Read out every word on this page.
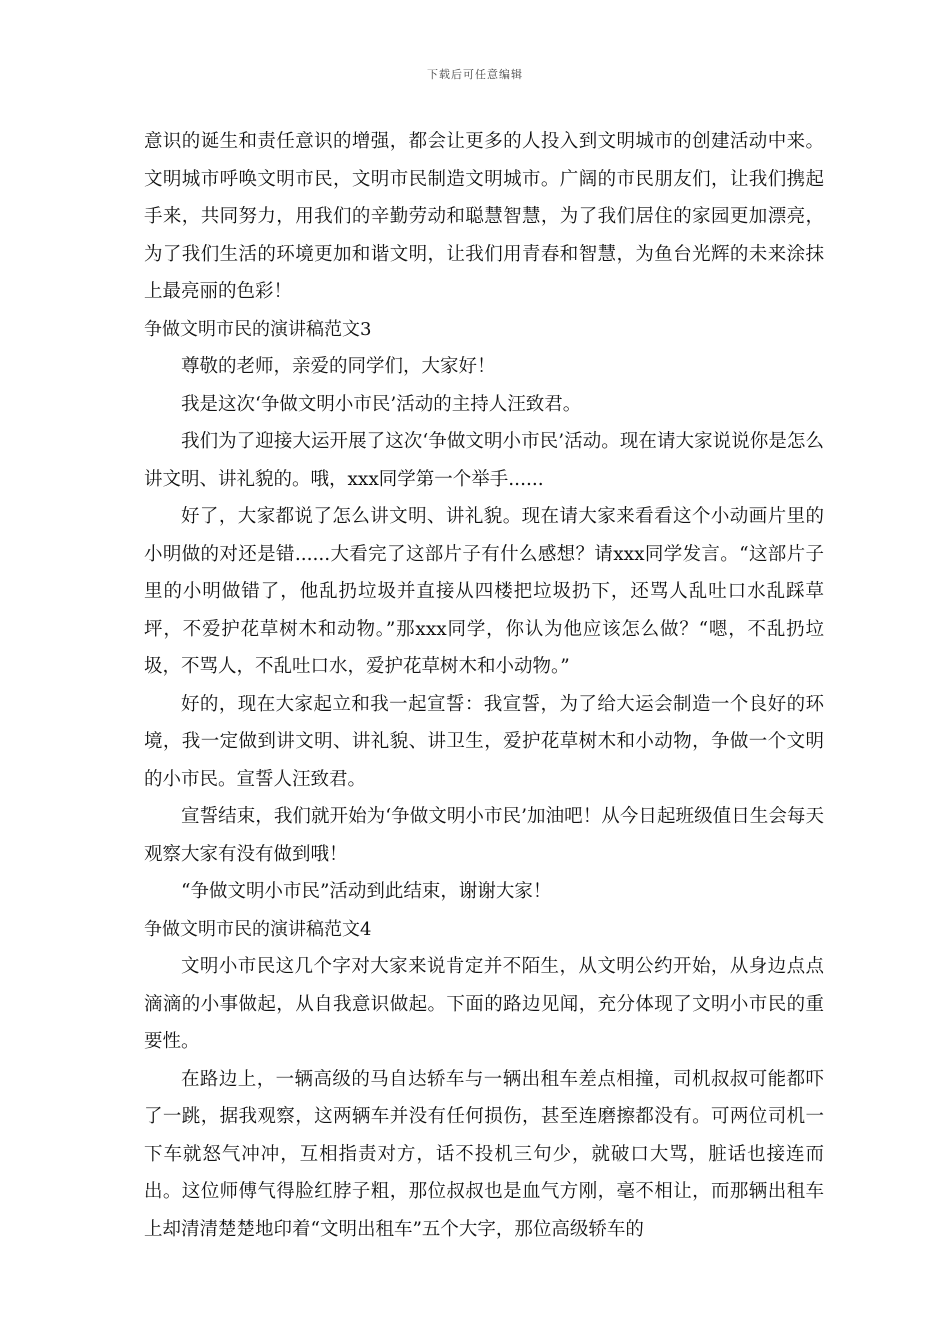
下载后可任意编辑

意识的诞生和责任意识的增强，都会让更多的人投入到文明城市的创建活动中来。文明城市呼唤文明市民，文明市民制造文明城市。广阔的市民朋友们，让我们携起手来，共同努力，用我们的辛勤劳动和聪慧智慧，为了我们居住的家园更加漂亮，为了我们生活的环境更加和谐文明，让我们用青春和智慧，为鱼台光辉的未来涂抹上最亮丽的色彩！

争做文明市民的演讲稿范文3

尊敬的老师，亲爱的同学们，大家好！

我是这次‘争做文明小市民’活动的主持人汪致君。

我们为了迎接大运开展了这次‘争做文明小市民’活动。现在请大家说说你是怎么讲文明、讲礼貌的。哦，xxx同学第一个举手......

好了，大家都说了怎么讲文明、讲礼貌。现在请大家来看看这个小动画片里的小明做的对还是错......大看完了这部片子有什么感想？请xxx同学发言。“这部片子里的小明做错了，他乱扔垃圾并直接从四楼把垃圾扔下，还骂人乱吐口水乱踩草坪，不爱护花草树木和动物。”那xxx同学，你认为他应该怎么做？“嗯，不乱扔垃圾，不骂人，不乱吐口水，爱护花草树木和小动物。”

好的，现在大家起立和我一起宣誓：我宣誓，为了给大运会制造一个良好的环境，我一定做到讲文明、讲礼貌、讲卫生，爱护花草树木和小动物，争做一个文明的小市民。宣誓人汪致君。

宣誓结束，我们就开始为‘争做文明小市民’加油吧！从今日起班级值日生会每天观察大家有没有做到哦！

“争做文明小市民”活动到此结束，谢谢大家！

争做文明市民的演讲稿范文4

文明小市民这几个字对大家来说肯定并不陌生，从文明公约开始，从身边点点滴滴的小事做起，从自我意识做起。下面的路边见闻，充分体现了文明小市民的重要性。

在路边上，一辆高级的马自达轿车与一辆出租车差点相撞，司机叔叔可能都吓了一跳，据我观察，这两辆车并没有任何损伤，甚至连磨擦都没有。可两位司机一下车就怒气冲冲，互相指责对方，话不投机三句少，就破口大骂，脏话也接连而出。这位师傅气得脸红脖子粗，那位叔叔也是血气方刚，毫不相让，而那辆出租车上却清清楚楚地印着“文明出租车”五个大字，那位高级轿车的
